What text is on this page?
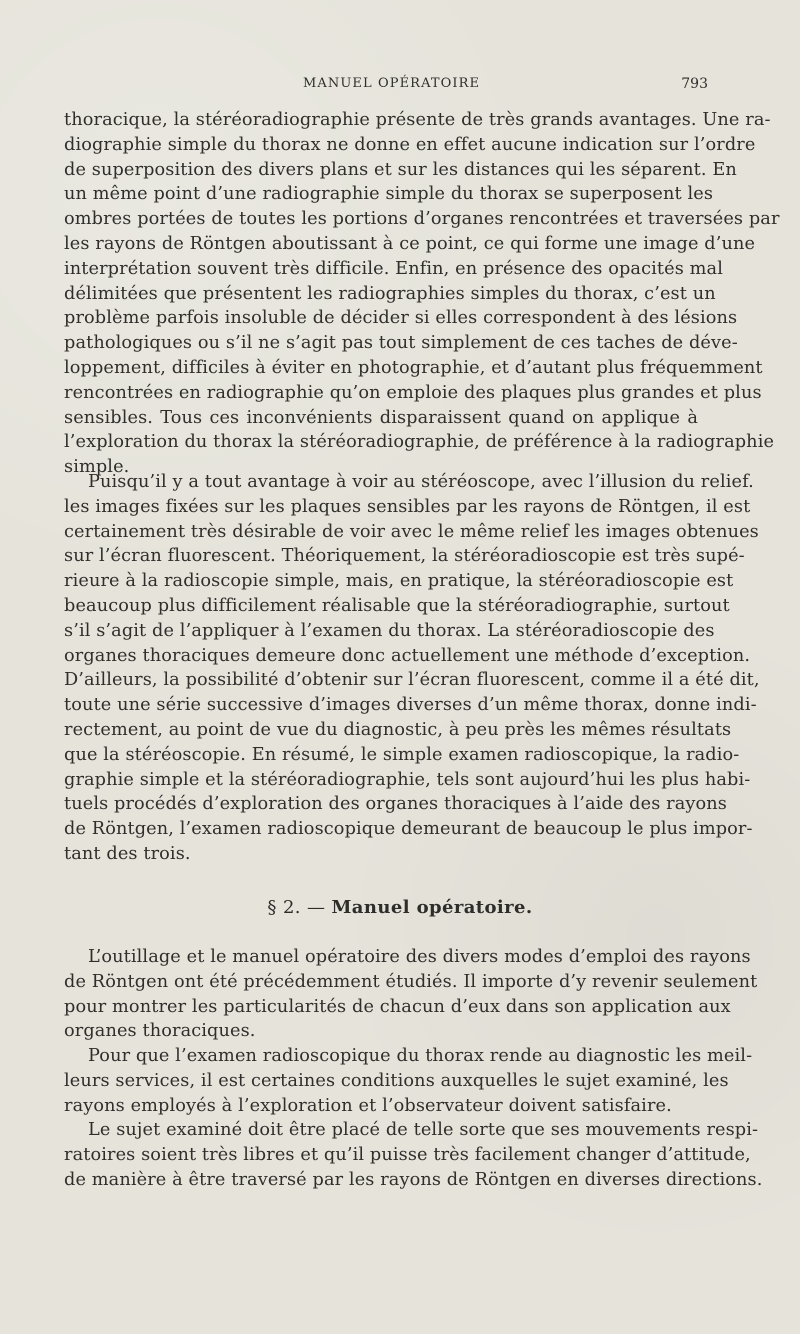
MANUEL OPÉRATOIRE	793
thoracique, la stéréoradiographie présente de très grands avantages. Une ra-
diographie simple du thorax ne donne en effet aucune indication sur l’ordre
de superposition des divers plans et sur les distances qui les séparent. En
un même point d’une radiographie simple du thorax se superposent les
ombres portées de toutes les portions d’organes rencontrées et traversées par
les rayons de Röntgen aboutissant à ce point, ce qui forme une image d’une
interprétation souvent très difficile. Enfin, en présence des opacités mal
délimitées que présentent les radiographies simples du thorax, c’est un
problème parfois insoluble de décider si elles correspondent à des lésions
pathologiques ou s’il ne s’agit pas tout simplement de ces taches de déve-
loppement, difficiles à éviter en photographie, et d’autant plus fréquemment
rencontrées en radiographie qu’on emploie des plaques plus grandes et plus
sensibles. Tous ces inconvénients disparaissent quand on applique à
l’exploration du thorax la stéréoradiographie, de préférence à la radiographie
simple.
Puisqu’il y a tout avantage à voir au stéréoscope, avec l’illusion du relief.
les images fixées sur les plaques sensibles par les rayons de Röntgen, il est
certainement très désirable de voir avec le même relief les images obtenues
sur l’écran fluorescent. Théoriquement, la stéréoradioscopie est très supé-
rieure à la radioscopie simple, mais, en pratique, la stéréoradioscopie est
beaucoup plus difficilement réalisable que la stéréoradiographie, surtout
s’il s’agit de l’appliquer à l’examen du thorax. La stéréoradioscopie des
organes thoraciques demeure donc actuellement une méthode d’exception.
D’ailleurs, la possibilité d’obtenir sur l’écran fluorescent, comme il a été dit,
toute une série successive d’images diverses d’un même thorax, donne indi-
rectement, au point de vue du diagnostic, à peu près les mêmes résultats
que la stéréoscopie. En résumé, le simple examen radioscopique, la radio-
graphie simple et la stéréoradiographie, tels sont aujourd’hui les plus habi-
tuels procédés d’exploration des organes thoraciques à l’aide des rayons
de Röntgen, l’examen radioscopique demeurant de beaucoup le plus impor-
tant des trois.
§ 2. — Manuel opératoire.
L’outillage et le manuel opératoire des divers modes d’emploi des rayons
de Röntgen ont été précédemment étudiés. Il importe d’y revenir seulement
pour montrer les particularités de chacun d’eux dans son application aux
organes thoraciques.
Pour que l’examen radioscopique du thorax rende au diagnostic les meil-
leurs services, il est certaines conditions auxquelles le sujet examiné, les
rayons employés à l’exploration et l’observateur doivent satisfaire.
Le sujet examiné doit être placé de telle sorte que ses mouvements respi-
ratoires soient très libres et qu’il puisse très facilement changer d’attitude,
de manière à être traversé par les rayons de Röntgen en diverses directions.
